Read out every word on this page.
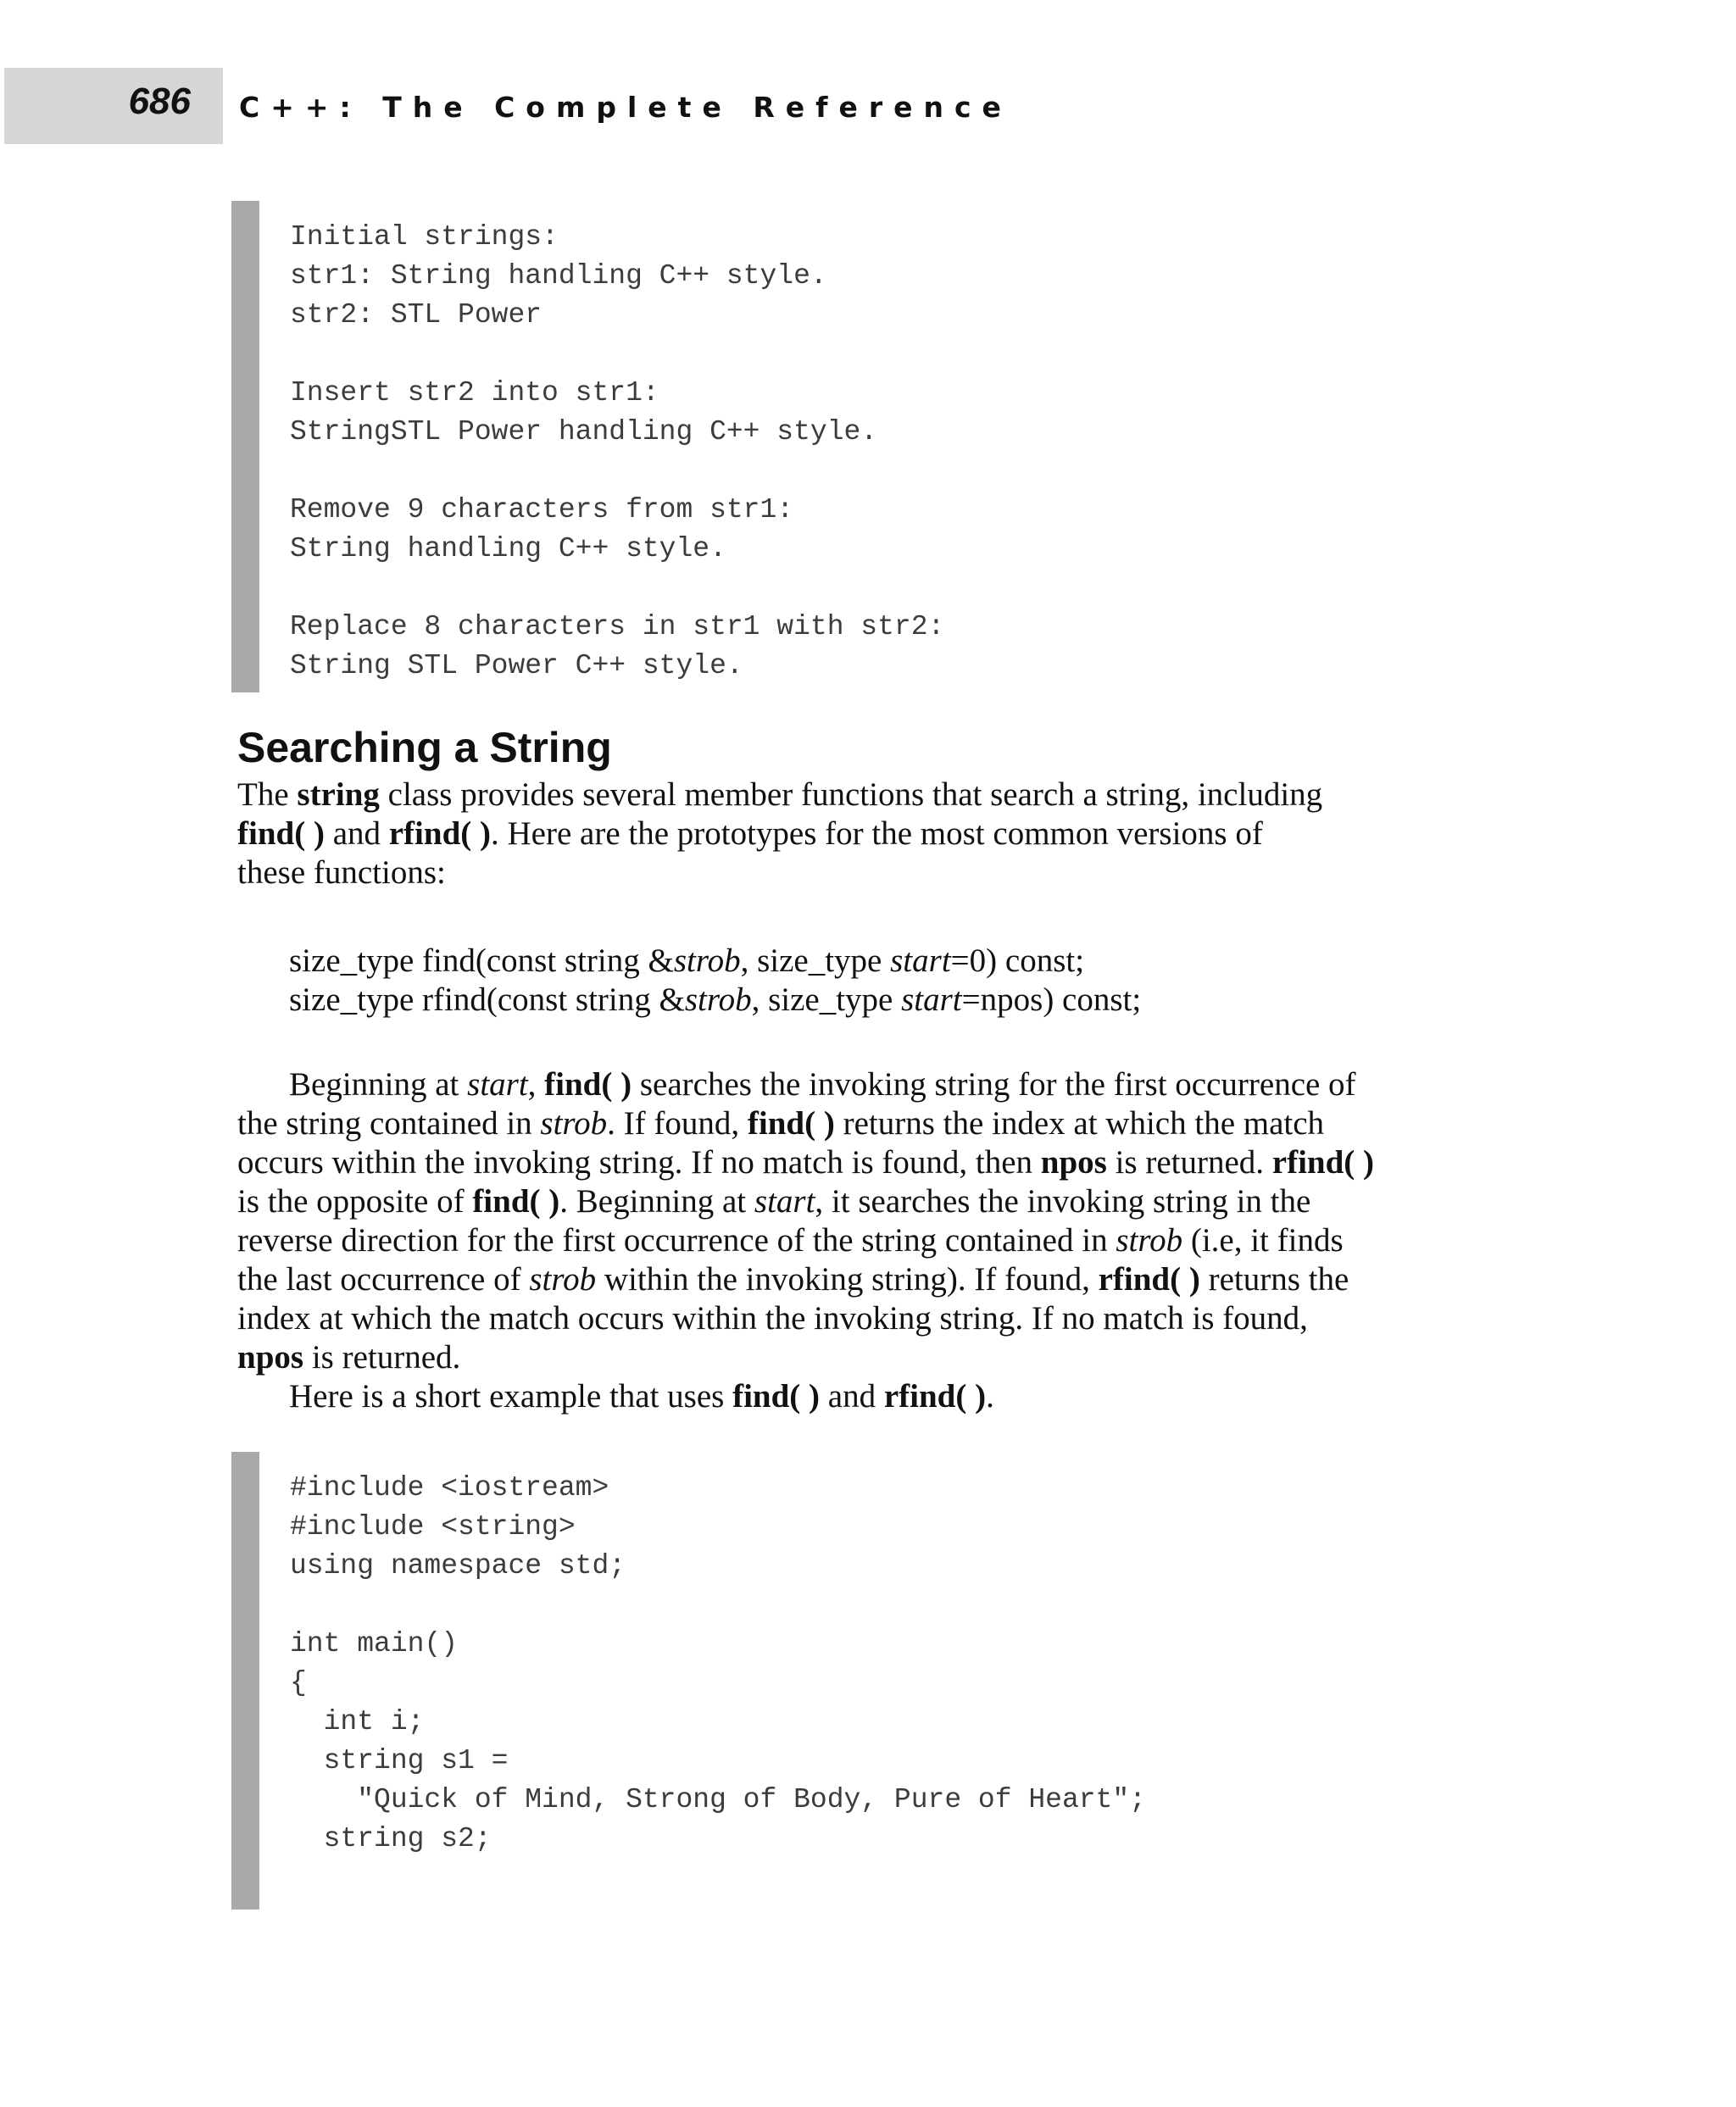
686 C++: The Complete Reference
Initial strings:
str1: String handling C++ style.
str2: STL Power
Insert str2 into str1:
StringSTL Power handling C++ style.
Remove 9 characters from str1:
String handling C++ style.
Replace 8 characters in str1 with str2:
String STL Power C++ style.
Searching a String
The string class provides several member functions that search a string, including
find( ) and rfind( ). Here are the prototypes for the most common versions of
these functions:
size_type find(const string &strob, size_type start=0) const;
size_type rfind(const string &strob, size_type start=npos) const;
Beginning at start, find( ) searches the invoking string for the first occurrence of
the string contained in strob. If found, find( ) returns the index at which the match
occurs within the invoking string. If no match is found, then npos is returned. rfind( )
is the opposite of find( ). Beginning at start, it searches the invoking string in the
reverse direction for the first occurrence of the string contained in strob (i.e, it finds
the last occurrence of strob within the invoking string). If found, rfind( ) returns the
index at which the match occurs within the invoking string. If no match is found,
npos is returned.
Here is a short example that uses find( ) and rfind( ).
#include <iostream>
#include <string>
using namespace std;
int main()
{
int i;
string s1 =
"Quick of Mind, Strong of Body, Pure of Heart";
string s2;
